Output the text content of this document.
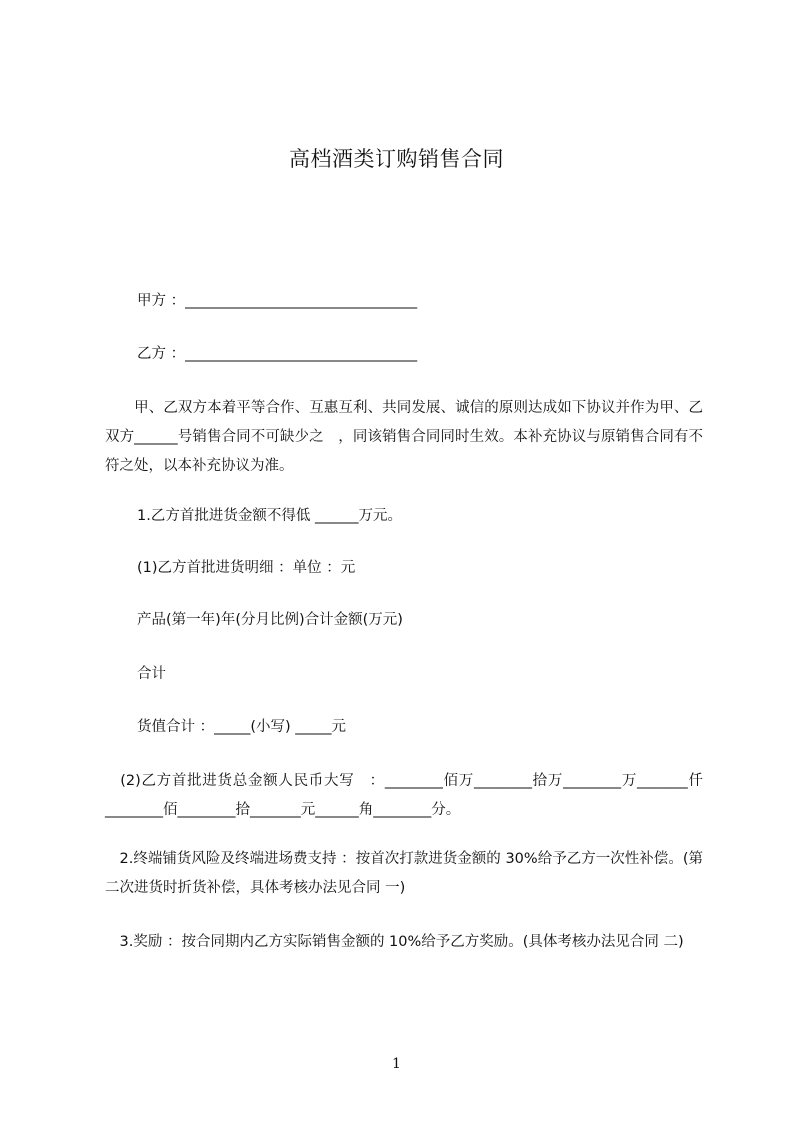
高档酒类订购销售合同
甲方 ：________________________________
乙方 ：________________________________
　　甲、乙双方本着平等合作、互惠互利、共同发展、诚信的原则达成如下协议并作为甲、乙双方______号销售合同不可缺少之　，同该销售合同同时生效。本补充协议与原销售合同有不符之处，以本补充协议为准。
1.乙方首批进货金额不得低 ______万元。
(1)乙方首批进货明细 ：单位 ：元
产品(第一年)年(分月比例)合计金额(万元)
合计
货值合计 ：_____(小写) _____元
　(2)乙方首批进货总金额人民币大写　：________佰万________拾万________万_______仟________佰________拾_______元______角________分。
　2.终端铺货风险及终端进场费支持 ：按首次打款进货金额的 30%给予乙方一次性补偿。(第二次进货时折货补偿，具体考核办法见合同 一)
　3.奖励 ：按合同期内乙方实际销售金额的 10%给予乙方奖励。(具体考核办法见合同 二)
1
